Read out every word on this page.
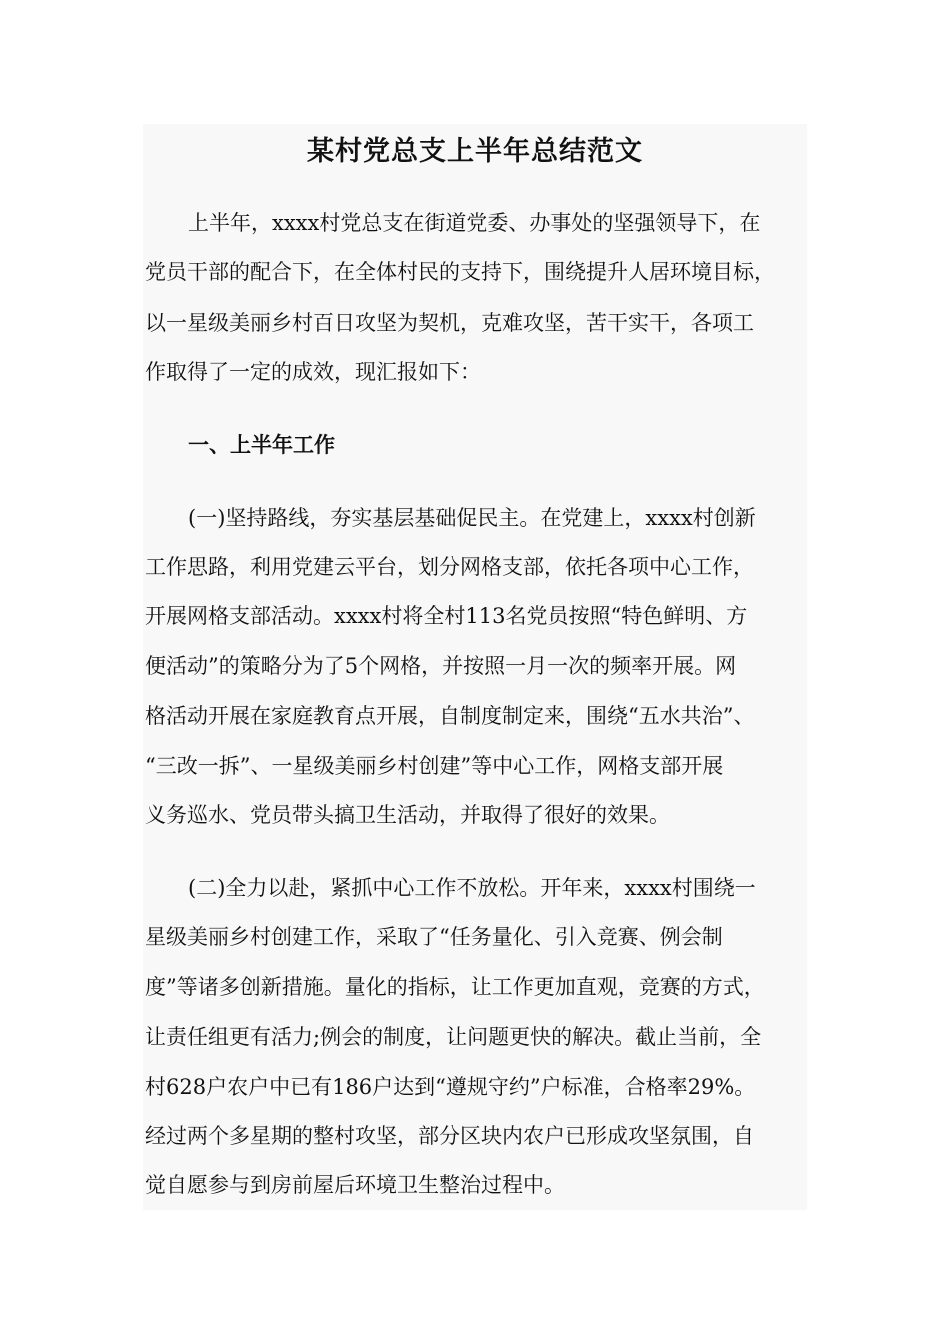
某村党总支上半年总结范文

上半年，xxxx村党总支在街道党委、办事处的坚强领导下，在

党员干部的配合下，在全体村民的支持下，围绕提升人居环境目标，

以一星级美丽乡村百日攻坚为契机，克难攻坚，苦干实干，各项工

作取得了一定的成效，现汇报如下：

一、上半年工作

(一)坚持路线，夯实基层基础促民主。在党建上，xxxx村创新

工作思路，利用党建云平台，划分网格支部，依托各项中心工作，

开展网格支部活动。xxxx村将全村113名党员按照“特色鲜明、方

便活动”的策略分为了5个网格，并按照一月一次的频率开展。网

格活动开展在家庭教育点开展，自制度制定来，围绕“五水共治”、

“三改一拆”、一星级美丽乡村创建”等中心工作，网格支部开展

义务巡水、党员带头搞卫生活动，并取得了很好的效果。

(二)全力以赴，紧抓中心工作不放松。开年来，xxxx村围绕一

星级美丽乡村创建工作，采取了“任务量化、引入竞赛、例会制

度”等诸多创新措施。量化的指标，让工作更加直观，竞赛的方式，

让责任组更有活力;例会的制度，让问题更快的解决。截止当前，全

村628户农户中已有186户达到“遵规守约”户标准，合格率29%。

经过两个多星期的整村攻坚，部分区块内农户已形成攻坚氛围，自

觉自愿参与到房前屋后环境卫生整治过程中。
